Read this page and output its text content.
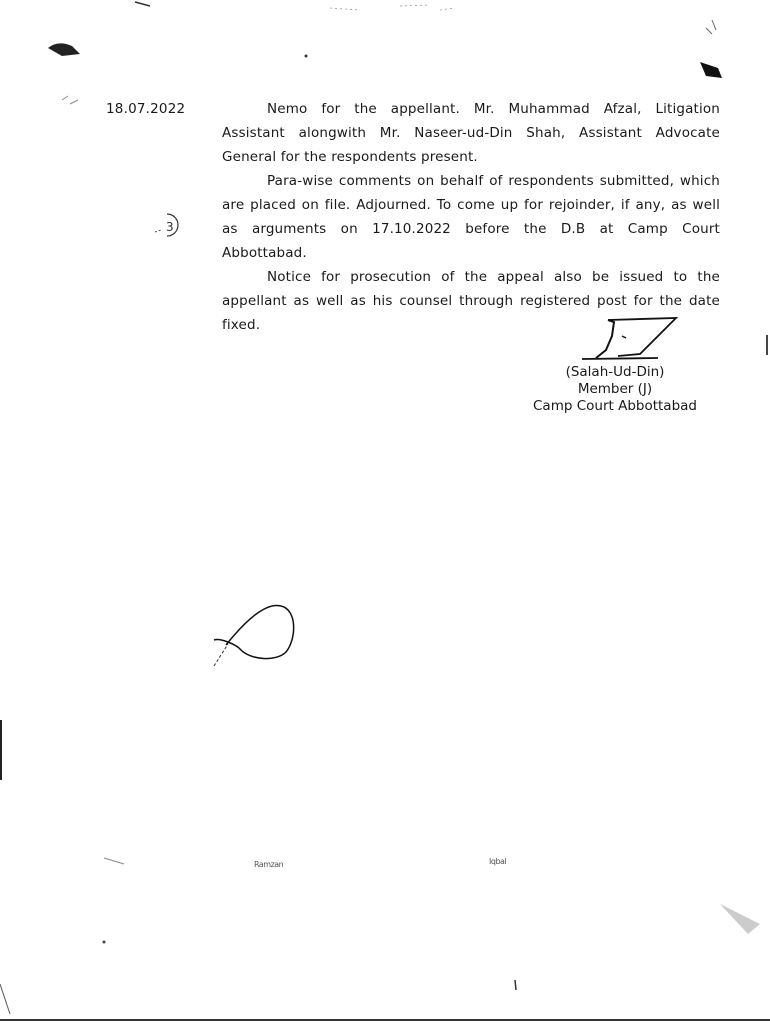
18.07.2022
3

Nemo for the appellant. Mr. Muhammad Afzal, Litigation Assistant alongwith Mr. Naseer-ud-Din Shah, Assistant Advocate General for the respondents present.

Para-wise comments on behalf of respondents submitted, which are placed on file. Adjourned. To come up for rejoinder, if any, as well as arguments on 17.10.2022 before the D.B at Camp Court Abbottabad.

Notice for prosecution of the appeal also be issued to the appellant as well as his counsel through registered post for the date fixed.

(Salah-Ud-Din)
Member (J)
Camp Court Abbottabad
Ramzan	Iqbal
